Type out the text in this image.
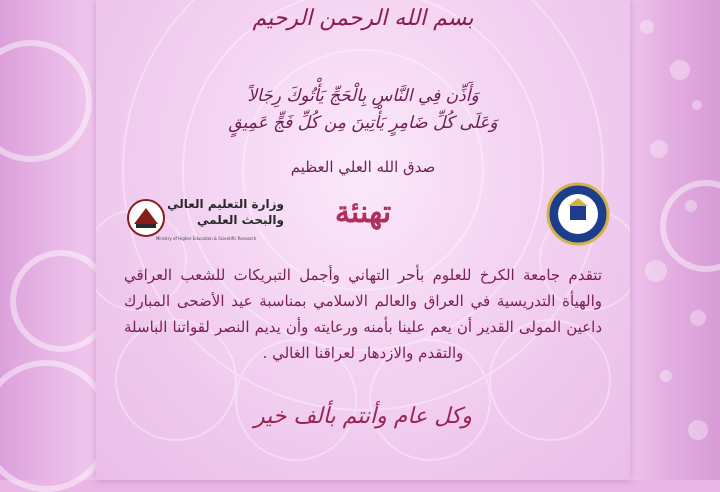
بسم الله الرحمن الرحيم

وَأَذِّن فِي النَّاسِ بِالْحَجِّ يَأْتُوكَ رِجَالاً

وَعَلَى كُلِّ ضَامِرٍ يَأْتِينَ مِن كُلِّ فَجٍّ عَمِيقٍ

صدق الله العلي العظيم

وزارة التعليم العالي والبحث العلمي
Ministry of Higher Education & Scientific Research

تهنئة

تتقدم جامعة الكرخ للعلوم بأحر التهاني وأجمل التبريكات للشعب العراقي والهيأة التدريسية في العراق والعالم الاسلامي بمناسبة عيد الأضحى المبارك داعين المولى القدير أن يعم علينا بأمنه ورعايته وأن يديم النصر لقواتنا الباسلة والتقدم والازدهار لعراقنا الغالي .

وكل عام وأنتم بألف خير
